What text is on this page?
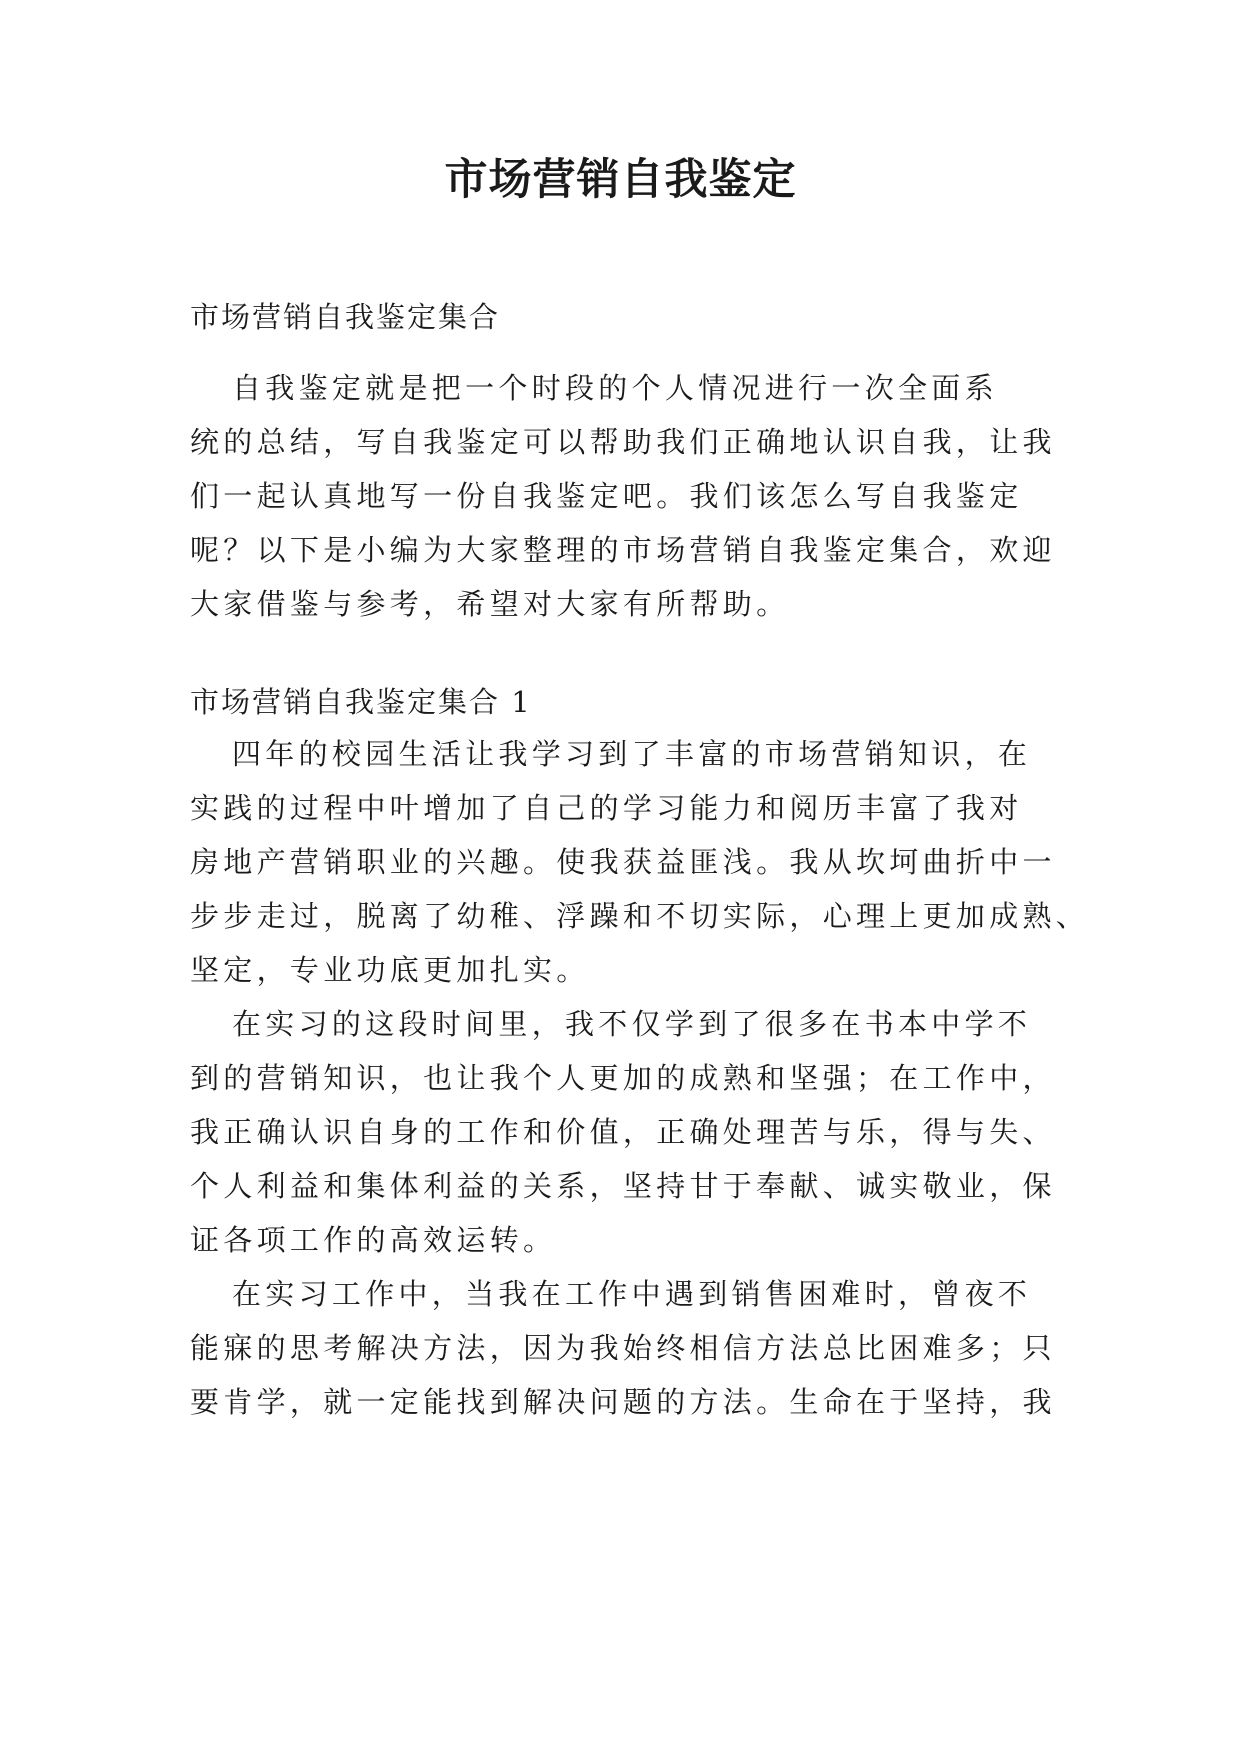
市场营销自我鉴定
市场营销自我鉴定集合
自我鉴定就是把一个时段的个人情况进行一次全面系
统的总结，写自我鉴定可以帮助我们正确地认识自我，让我
们一起认真地写一份自我鉴定吧。我们该怎么写自我鉴定
呢？以下是小编为大家整理的市场营销自我鉴定集合，欢迎
大家借鉴与参考，希望对大家有所帮助。
市场营销自我鉴定集合 1
四年的校园生活让我学习到了丰富的市场营销知识，在
实践的过程中叶增加了自己的学习能力和阅历丰富了我对
房地产营销职业的兴趣。使我获益匪浅。我从坎坷曲折中一
步步走过，脱离了幼稚、浮躁和不切实际，心理上更加成熟、
坚定，专业功底更加扎实。
在实习的这段时间里，我不仅学到了很多在书本中学不
到的营销知识，也让我个人更加的成熟和坚强；在工作中，
我正确认识自身的工作和价值，正确处理苦与乐，得与失、
个人利益和集体利益的关系，坚持甘于奉献、诚实敬业，保
证各项工作的高效运转。
在实习工作中，当我在工作中遇到销售困难时，曾夜不
能寐的思考解决方法，因为我始终相信方法总比困难多；只
要肯学，就一定能找到解决问题的方法。生命在于坚持，我
